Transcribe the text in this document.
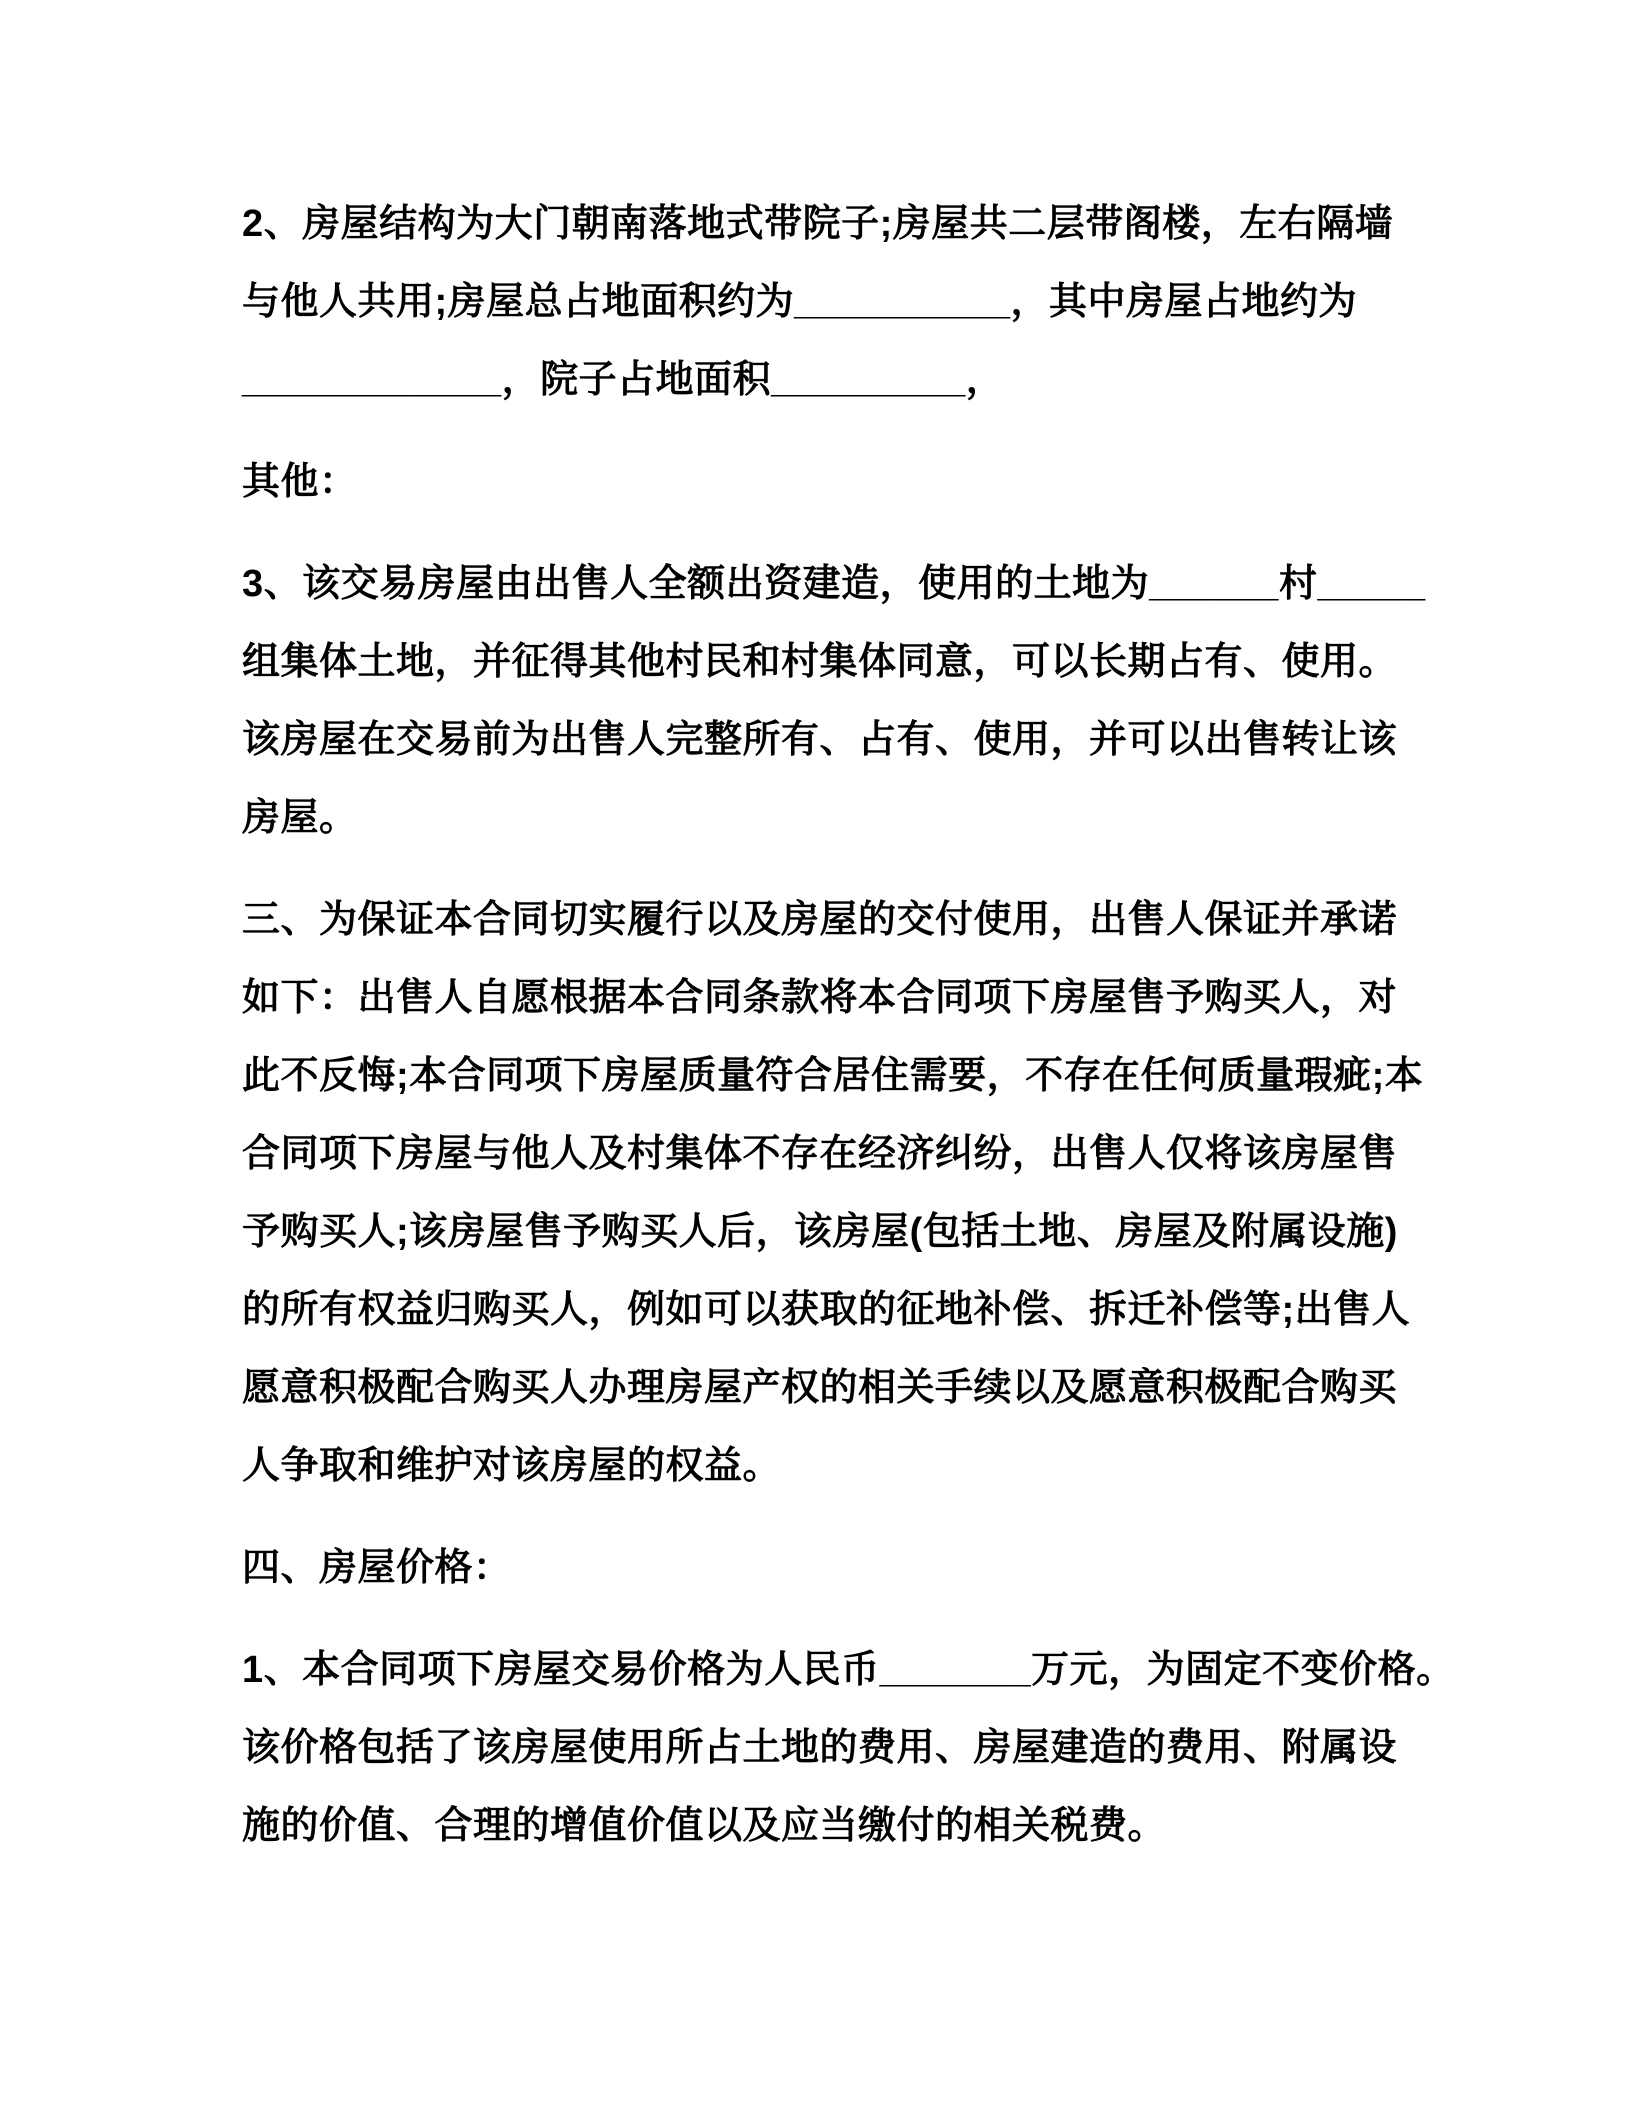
2、房屋结构为大门朝南落地式带院子;房屋共二层带阁楼，左右隔墙
与他人共用;房屋总占地面积约为__________，其中房屋占地约为
____________，院子占地面积_________，
其他：
3、该交易房屋由出售人全额出资建造，使用的土地为______村_____
组集体土地，并征得其他村民和村集体同意，可以长期占有、使用。
该房屋在交易前为出售人完整所有、占有、使用，并可以出售转让该
房屋。
三、为保证本合同切实履行以及房屋的交付使用，出售人保证并承诺
如下：出售人自愿根据本合同条款将本合同项下房屋售予购买人，对
此不反悔;本合同项下房屋质量符合居住需要，不存在任何质量瑕疵;本
合同项下房屋与他人及村集体不存在经济纠纷，出售人仅将该房屋售
予购买人;该房屋售予购买人后，该房屋(包括土地、房屋及附属设施)
的所有权益归购买人，例如可以获取的征地补偿、拆迁补偿等;出售人
愿意积极配合购买人办理房屋产权的相关手续以及愿意积极配合购买
人争取和维护对该房屋的权益。
四、房屋价格：
1、本合同项下房屋交易价格为人民币_______万元，为固定不变价格。
该价格包括了该房屋使用所占土地的费用、房屋建造的费用、附属设
施的价值、合理的增值价值以及应当缴付的相关税费。
